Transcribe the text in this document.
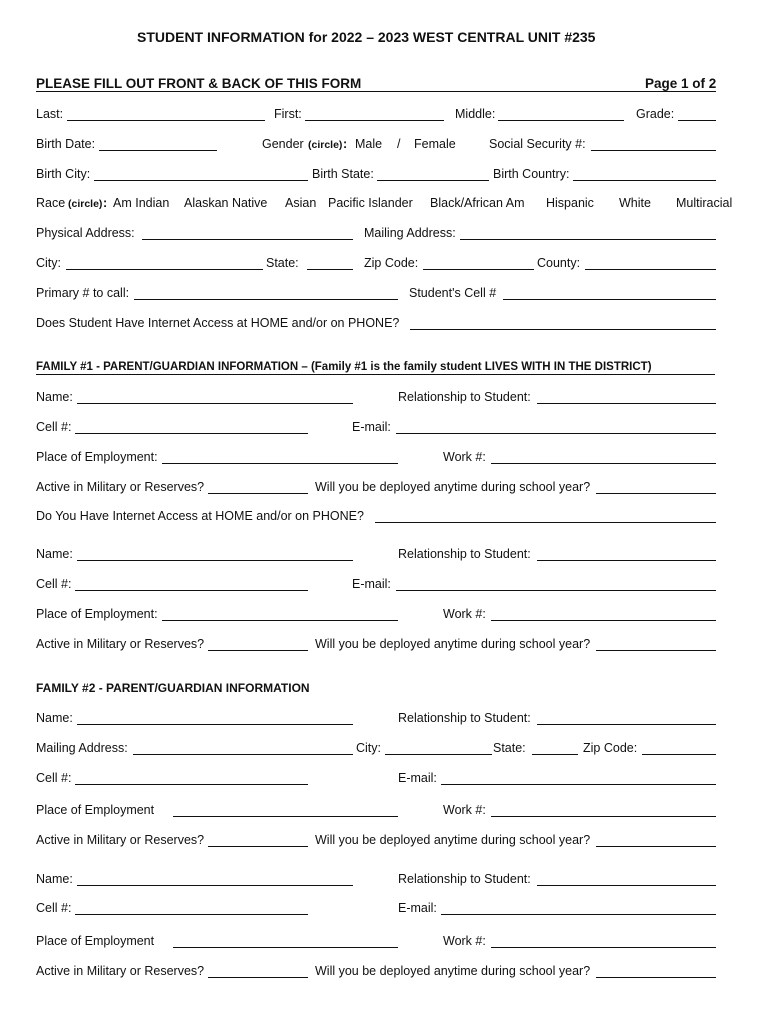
STUDENT INFORMATION for 2022 – 2023 WEST CENTRAL UNIT #235
PLEASE FILL OUT FRONT & BACK OF THIS FORM	Page 1 of 2
Last:	First:	Middle:	Grade:
Birth Date:	Gender (circle) : Male / Female	Social Security #:
Birth City:	Birth State:	Birth Country:
Race (circle) : Am Indian Alaskan Native Asian Pacific Islander Black/African Am Hispanic White Multiracial
Physical Address:	Mailing Address:
City:	State:	Zip Code:	County:
Primary # to call:	Student's Cell #
Does Student Have Internet Access at HOME and/or on PHONE?
FAMILY #1 - PARENT/GUARDIAN INFORMATION – (Family #1 is the family student LIVES WITH IN THE DISTRICT)
Name:	Relationship to Student:
Cell #:	E-mail:
Place of Employment:	Work #:
Active in Military or Reserves?	Will you be deployed anytime during school year?
Do You Have Internet Access at HOME and/or on PHONE?
Name:	Relationship to Student:
Cell #:	E-mail:
Place of Employment:	Work #:
Active in Military or Reserves?	Will you be deployed anytime during school year?
FAMILY #2 - PARENT/GUARDIAN INFORMATION
Name:	Relationship to Student:
Mailing Address:	City:	State:	Zip Code:
Cell #:	E-mail:
Place of Employment	Work #:
Active in Military or Reserves?	Will you be deployed anytime during school year?
Name:	Relationship to Student:
Cell #:	E-mail:
Place of Employment	Work #:
Active in Military or Reserves?	Will you be deployed anytime during school year?
